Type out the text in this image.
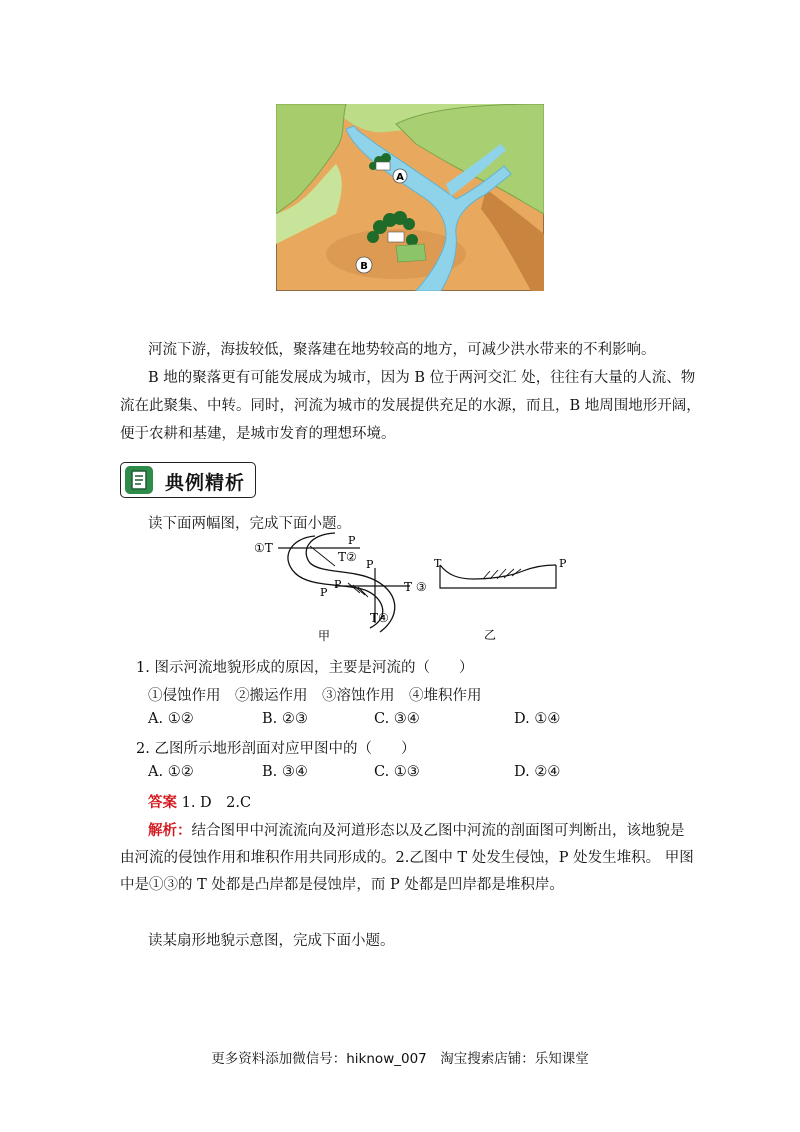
A
B
河流下游，海拔较低，聚落建在地势较高的地方，可减少洪水带来的不利影响。
B 地的聚落更有可能发展成为城市，因为 B 位于两河交汇 处，往往有大量的人流、物
流在此聚集、中转。同时，河流为城市的发展提供充足的水源，而且，B 地周围地形开阔，
便于农耕和基建，是城市发育的理想环境。
典例精析
读下面两幅图，完成下面小题。
①T
T②
P
P
P
P	T ③
T④
甲
T	P
乙
1. 图示河流地貌形成的原因，主要是河流的（　　）
①侵蚀作用　②搬运作用　③溶蚀作用　④堆积作用
A. ①②	B. ②③	C. ③④	D. ①④
2. 乙图所示地形剖面对应甲图中的（　　）
A. ①②	B. ③④	C. ①③	D. ②④
答案 1. D　2.C
解析：结合图甲中河流流向及河道形态以及乙图中河流的剖面图可判断出，该地貌是
由河流的侵蚀作用和堆积作用共同形成的。2.乙图中 T 处发生侵蚀，P 处发生堆积。 甲图
中是①③的 T 处都是凸岸都是侵蚀岸，而 P 处都是凹岸都是堆积岸。
读某扇形地貌示意图，完成下面小题。
更多资料添加微信号：hiknow_007　淘宝搜索店铺：乐知课堂
